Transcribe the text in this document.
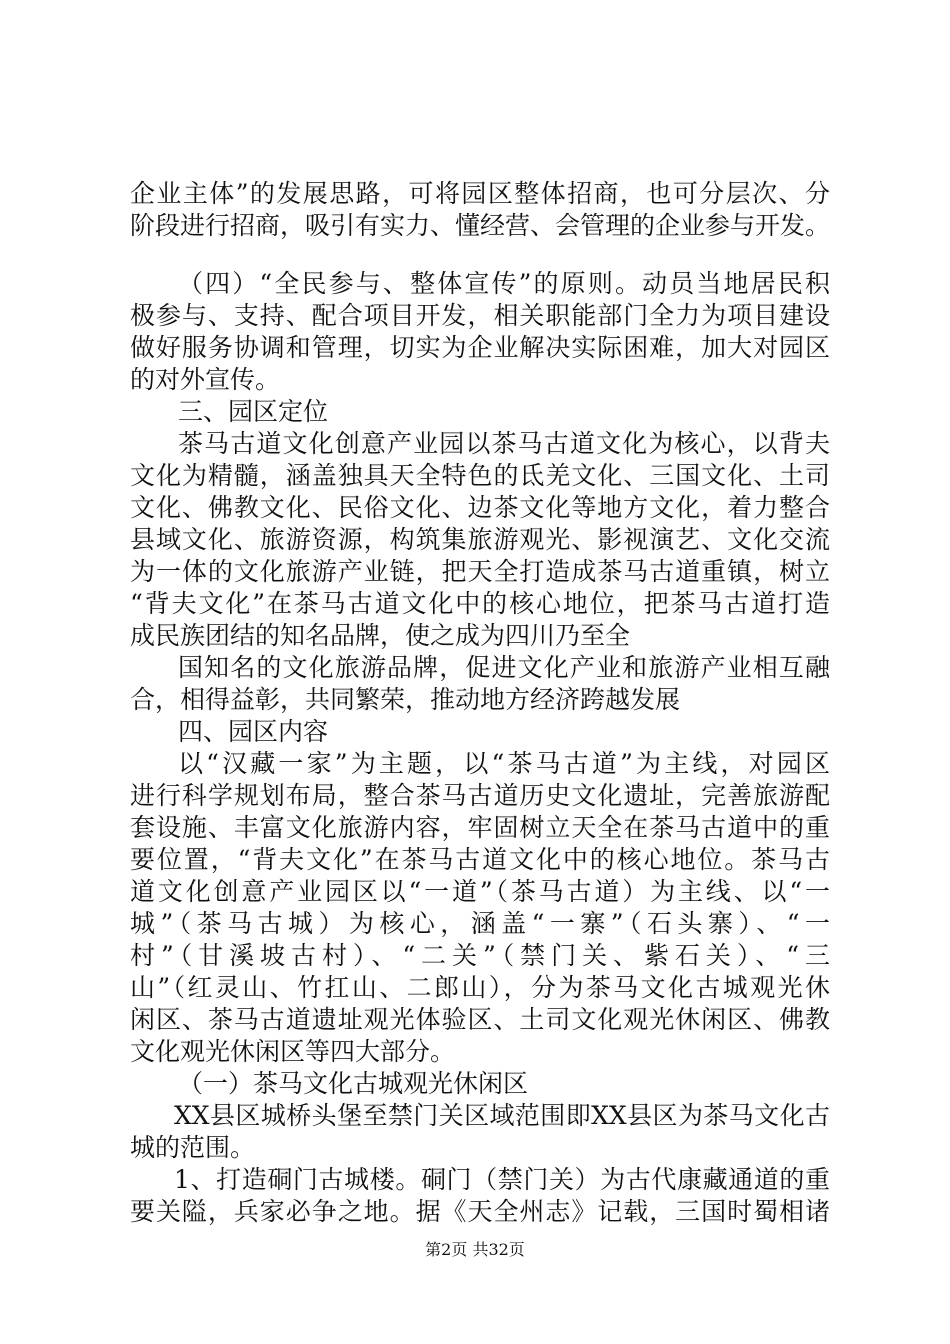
企业主体”的发展思路，可将园区整体招商，也可分层次、分
阶段进行招商，吸引有实力、懂经营、会管理的企业参与开发。
（四）“全民参与、整体宣传”的原则。动员当地居民积
极参与、支持、配合项目开发，相关职能部门全力为项目建设
做好服务协调和管理，切实为企业解决实际困难，加大对园区
的对外宣传。
三、园区定位
茶马古道文化创意产业园以茶马古道文化为核心，以背夫
文化为精髓，涵盖独具天全特色的氐羌文化、三国文化、土司
文化、佛教文化、民俗文化、边茶文化等地方文化，着力整合
县域文化、旅游资源，构筑集旅游观光、影视演艺、文化交流
为一体的文化旅游产业链，把天全打造成茶马古道重镇，树立
“背夫文化”在茶马古道文化中的核心地位，把茶马古道打造
成民族团结的知名品牌，使之成为四川乃至全
国知名的文化旅游品牌，促进文化产业和旅游产业相互融
合，相得益彰，共同繁荣，推动地方经济跨越发展
四、园区内容
以“汉藏一家”为主题，以“茶马古道”为主线，对园区
进行科学规划布局，整合茶马古道历史文化遗址，完善旅游配
套设施、丰富文化旅游内容，牢固树立天全在茶马古道中的重
要位置，“背夫文化”在茶马古道文化中的核心地位。茶马古
道文化创意产业园区以“一道”（茶马古道）为主线、以“一
城”（茶马古城）为核心，涵盖“一寨”（石头寨）、“一
村”（甘溪坡古村）、“二关”（禁门关、紫石关）、“三
山”（红灵山、竹扛山、二郎山），分为茶马文化古城观光休
闲区、茶马古道遗址观光体验区、土司文化观光休闲区、佛教
文化观光休闲区等四大部分。
（一）茶马文化古城观光休闲区
XX县区城桥头堡至禁门关区域范围即XX县区为茶马文化古
城的范围。
1、打造硐门古城楼。硐门（禁门关）为古代康藏通道的重
要关隘，兵家必争之地。据《天全州志》记载，三国时蜀相诸
第2页 共32页
